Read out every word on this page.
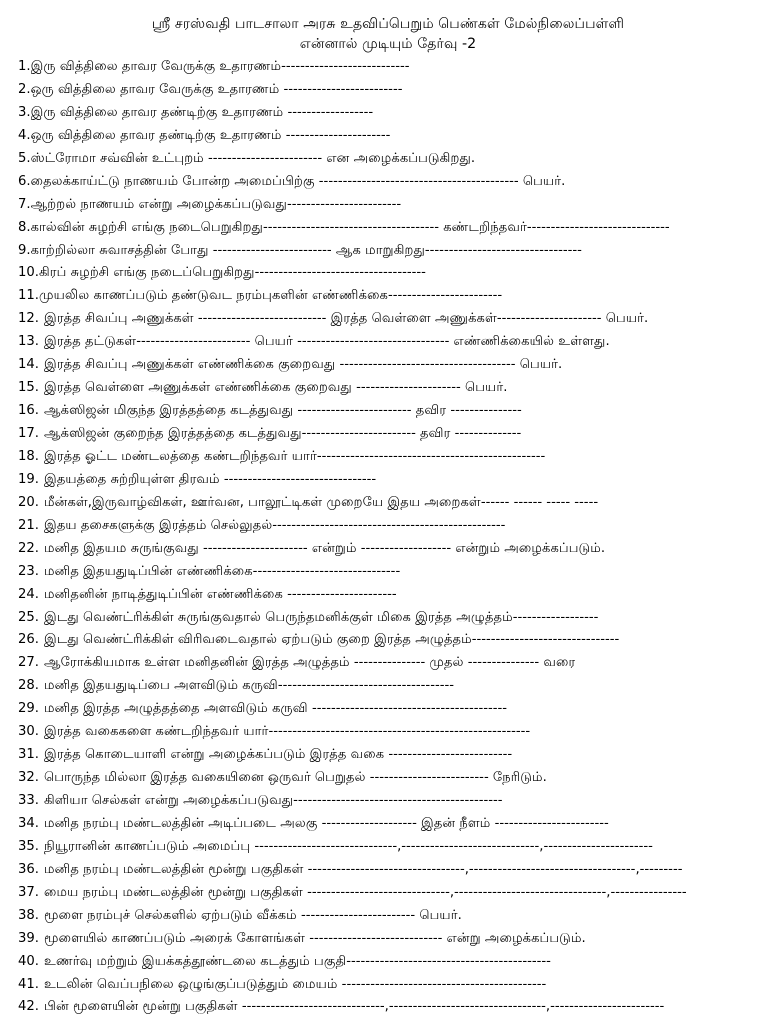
ஸ்ரீ சரஸ்வதி பாடசாலா அரசு உதவிப்பெறும் பெண்கள் மேல்நிலைப்பள்ளி
என்னால் முடியும் தேர்வு -2
1. இரு வித்திலை தாவர வேருக்கு உதாரணம்---------------------------
2. ஒரு வித்திலை தாவர வேருக்கு உதாரணம் -------------------------
3. இரு வித்திலை தாவர தண்டிற்கு உதாரணம் ------------------
4. ஒரு வித்திலை தாவர தண்டிற்கு உதாரணம் ----------------------
5. ஸ்ட்ரோமா சவ்வின் உட்புறம் ------------------------ என அழைக்கப்படுகிறது.
6. தைலக்காய்ட்டு நாணயம் போன்ற அமைப்பிற்கு ------------------------------------------ பெயர்.
7. ஆற்றல் நாணயம் என்று அழைக்கப்படுவது------------------------
8. கால்வின் சுழற்சி எங்கு நடைபெறுகிறது------------------------------------- கண்டறிந்தவர்------------------------------
9. காற்றில்லா சுவாசத்தின் போது ------------------------- ஆக மாறுகிறது---------------------------------
10. கிரப் சுழற்சி எங்கு நடைப்பெறுகிறது------------------------------------
11. முயலில காணப்படும் தண்டுவட நரம்புகளின் எண்ணிக்கை------------------------
12. இரத்த சிவப்பு அணுக்கள் --------------------------- இரத்த வெள்ளை அணுக்கள்---------------------- பெயர்.
13. இரத்த தட்டுகள்------------------------ பெயர் -------------------------------- எண்ணிக்கையில் உள்ளது.
14. இரத்த சிவப்பு அணுக்கள் எண்ணிக்கை குறைவது ------------------------------------- பெயர்.
15. இரத்த வெள்ளை அணுக்கள் எண்ணிக்கை குறைவது ---------------------- பெயர்.
16. ஆக்ஸிஜன் மிகுந்த இரத்தத்தை கடத்துவது ------------------------ தவிர ---------------
17. ஆக்ஸிஜன் குறைந்த இரத்தத்தை கடத்துவது------------------------ தவிர --------------
18. இரத்த ஓட்ட மண்டலத்தை கண்டறிந்தவர் யார்------------------------------------------------
19. இதயத்தை சுற்றியுள்ள திரவம் --------------------------------
20. மீன்கள்,இருவாழ்விகள், ஊர்வன, பாலூட்டிகள் முறையே இதய அறைகள்------ ------ ----- -----
21. இதய தசைகளுக்கு இரத்தம் செல்லுதல்-------------------------------------------------
22. மனித இதயம சுருங்குவது ---------------------- என்றும் ------------------- என்றும் அழைக்கப்படும்.
23. மனித இதயதுடிப்பின் எண்ணிக்கை-------------------------------
24. மனிதனின் நாடித்துடிப்பின் எண்ணிக்கை -----------------------
25. இடது வெண்ட்ரிக்கிள் சுருங்குவதால் பெருந்தமனிக்குள் மிகை இரத்த அழுத்தம்------------------
26. இடது வெண்ட்ரிக்கிள் விரிவடைவதால் ஏற்படும் குறை இரத்த அழுத்தம்-------------------------------
27. ஆரோக்கியமாக உள்ள மனிதனின் இரத்த அழுத்தம் --------------- முதல் --------------- வரை
28. மனித இதயதுடிப்பை அளவிடும் கருவி-------------------------------------
29. மனித இரத்த அழுத்தத்தை அளவிடும் கருவி -----------------------------------------
30. இரத்த வகைகளை கண்டறிந்தவர் யார்-------------------------------------------------------
31. இரத்த கொடையாளி என்று அழைக்கப்படும் இரத்த வகை --------------------------
32. பொருந்த மில்லா இரத்த வகையினை ஒருவர் பெறுதல் ------------------------- நேரிடும்.
33. கிளியா செல்கள் என்று அழைக்கப்படுவது--------------------------------------------
34. மனித நரம்பு மண்டலத்தின் அடிப்படை அலகு -------------------- இதன் நீளம் ------------------------
35. நியூரானின் காணப்படும் அமைப்பு ------------------------------,-----------------------------,-----------------------
36. மனித நரம்பு மண்டலத்தின் மூன்று பகுதிகள் ---------------------------------,-----------------------------------,---------
37. மைய நரம்பு மண்டலத்தின் மூன்று பகுதிகள் ------------------------------,--------------------------------,----------------
38. மூளை நரம்புச் செல்களில் ஏற்படும் வீக்கம் ------------------------ பெயர்.
39. மூளையில் காணப்படும் அரைக் கோளங்கள் ---------------------------- என்று அழைக்கப்படும்.
40. உணர்வு மற்றும் இயக்கத்தூண்டலை கடத்தும் பகுதி-------------------------------------------
41. உடலின் வெப்பநிலை ஒழுங்குப்படுத்தும் மையம் -------------------------------------------
42. பின் மூளையின் மூன்று பகுதிகள் ------------------------------,---------------------------------,------------------------
